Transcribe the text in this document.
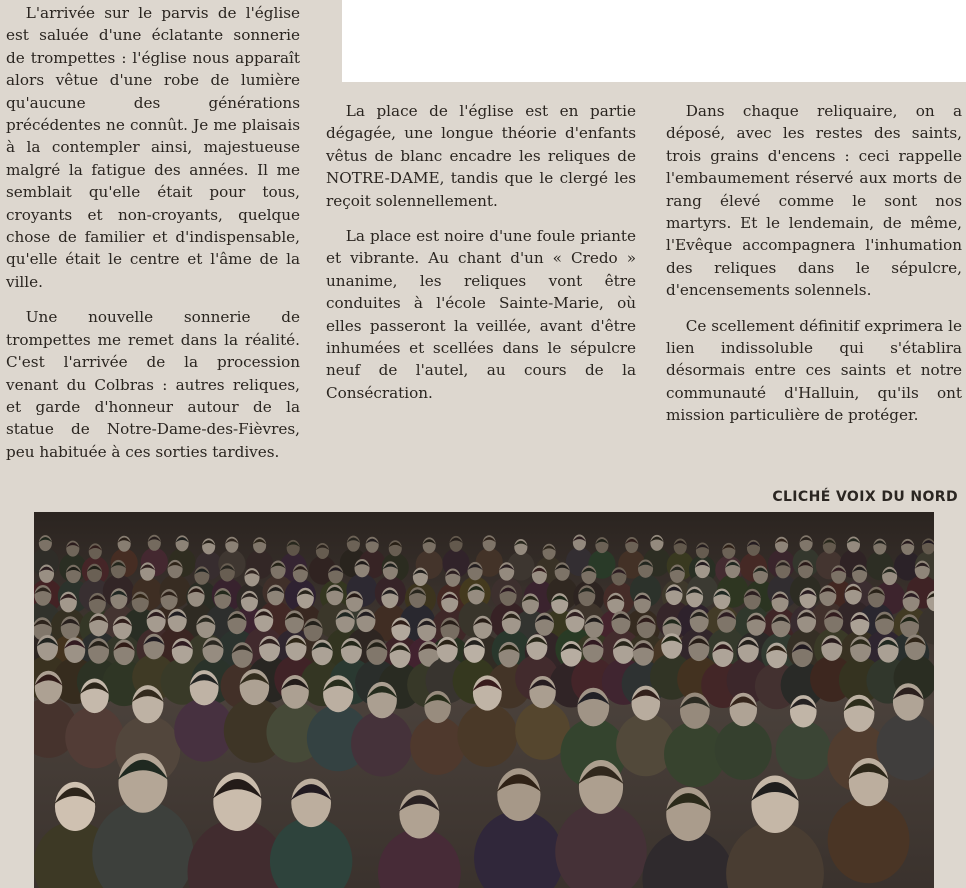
L'arrivée sur le parvis de l'église est saluée d'une éclatante sonnerie de trompettes : l'église nous apparaît alors vêtue d'une robe de lumière qu'aucune des générations précédentes ne connût. Je me plaisais à la contempler ainsi, majestueuse malgré la fatigue des années. Il me semblait qu'elle était pour tous, croyants et non-croyants, quelque chose de familier et d'indispensable, qu'elle était le centre et l'âme de la ville.

Une nouvelle sonnerie de trompettes me remet dans la réalité. C'est l'arrivée de la procession venant du Colbras : autres reliques, et garde d'honneur autour de la statue de Notre-Dame-des-Fièvres, peu habituée à ces sorties tardives.

La place de l'église est en partie dégagée, une longue théorie d'enfants vêtus de blanc encadre les reliques de NOTRE-DAME, tandis que le clergé les reçoit solennellement.

La place est noire d'une foule priante et vibrante. Au chant d'un « Credo » unanime, les reliques vont être conduites à l'école Sainte-Marie, où elles passeront la veillée, avant d'être inhumées et scellées dans le sépulcre neuf de l'autel, au cours de la Consécration.

Dans chaque reliquaire, on a déposé, avec les restes des saints, trois grains d'encens : ceci rappelle l'embaumement réservé aux morts de rang élevé comme le sont nos martyrs. Et le lendemain, de même, l'Evêque accompagnera l'inhumation des reliques dans le sépulcre, d'encensements solennels.

Ce scellement définitif exprimera le lien indissoluble qui s'établira désormais entre ces saints et notre communauté d'Halluin, qu'ils ont mission particulière de protéger.

CLICHÉ VOIX DU NORD
